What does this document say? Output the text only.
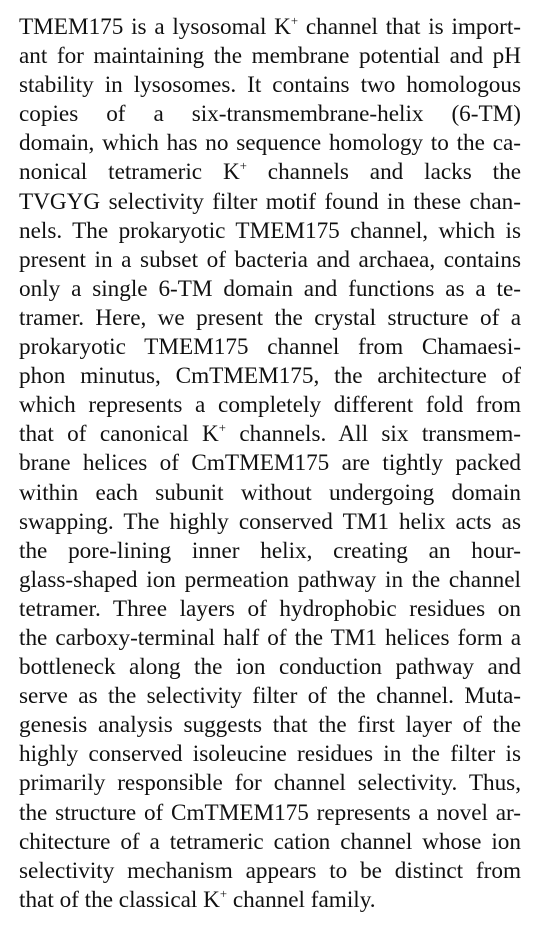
TMEM175 is a lysosomal K+ channel that is import-
ant for maintaining the membrane potential and pH
stability in lysosomes. It contains two homologous
copies of a six-transmembrane-helix (6-TM)
domain, which has no sequence homology to the ca-
nonical tetrameric K+ channels and lacks the
TVGYG selectivity filter motif found in these chan-
nels. The prokaryotic TMEM175 channel, which is
present in a subset of bacteria and archaea, contains
only a single 6-TM domain and functions as a te-
tramer. Here, we present the crystal structure of a
prokaryotic TMEM175 channel from Chamaesi-
phon minutus, CmTMEM175, the architecture of
which represents a completely different fold from
that of canonical K+ channels. All six transmem-
brane helices of CmTMEM175 are tightly packed
within each subunit without undergoing domain
swapping. The highly conserved TM1 helix acts as
the pore-lining inner helix, creating an hour-
glass-shaped ion permeation pathway in the channel
tetramer. Three layers of hydrophobic residues on
the carboxy-terminal half of the TM1 helices form a
bottleneck along the ion conduction pathway and
serve as the selectivity filter of the channel. Muta-
genesis analysis suggests that the first layer of the
highly conserved isoleucine residues in the filter is
primarily responsible for channel selectivity. Thus,
the structure of CmTMEM175 represents a novel ar-
chitecture of a tetrameric cation channel whose ion
selectivity mechanism appears to be distinct from
that of the classical K+ channel family.
